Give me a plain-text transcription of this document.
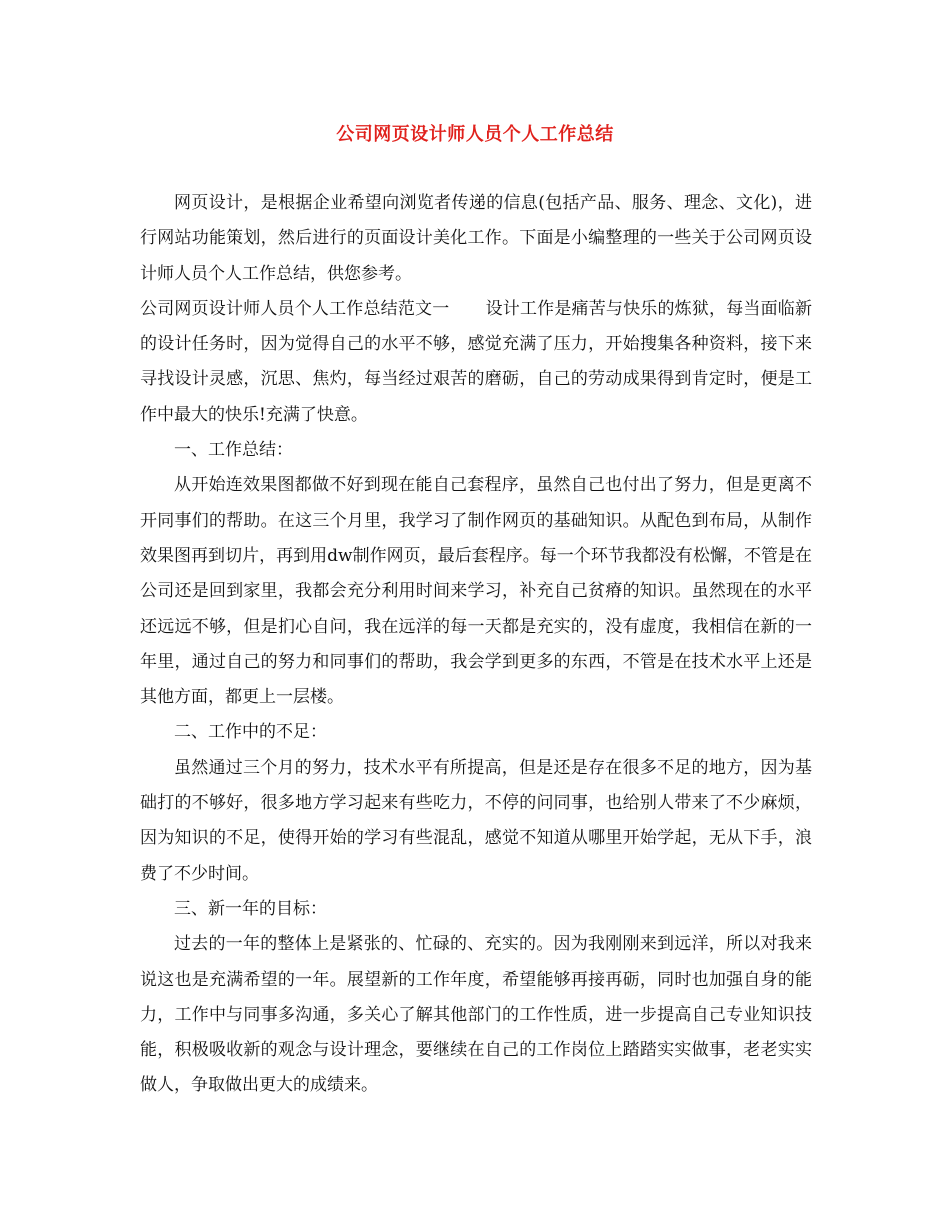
公司网页设计师人员个人工作总结

网页设计，是根据企业希望向浏览者传递的信息(包括产品、服务、理念、文化)，进行网站功能策划，然后进行的页面设计美化工作。下面是小编整理的一些关于公司网页设计师人员个人工作总结，供您参考。

公司网页设计师人员个人工作总结范文一 设计工作是痛苦与快乐的炼狱，每当面临新的设计任务时，因为觉得自己的水平不够，感觉充满了压力，开始搜集各种资料，接下来寻找设计灵感，沉思、焦灼，每当经过艰苦的磨砺，自己的劳动成果得到肯定时，便是工作中最大的快乐!充满了快意。

一、工作总结：

从开始连效果图都做不好到现在能自己套程序，虽然自己也付出了努力，但是更离不开同事们的帮助。在这三个月里，我学习了制作网页的基础知识。从配色到布局，从制作效果图再到切片，再到用dw制作网页，最后套程序。每一个环节我都没有松懈，不管是在公司还是回到家里，我都会充分利用时间来学习，补充自己贫瘠的知识。虽然现在的水平还远远不够，但是扪心自问，我在远洋的每一天都是充实的，没有虚度，我相信在新的一年里，通过自己的努力和同事们的帮助，我会学到更多的东西，不管是在技术水平上还是其他方面，都更上一层楼。

二、工作中的不足：

虽然通过三个月的努力，技术水平有所提高，但是还是存在很多不足的地方，因为基础打的不够好，很多地方学习起来有些吃力，不停的问同事，也给别人带来了不少麻烦，因为知识的不足，使得开始的学习有些混乱，感觉不知道从哪里开始学起，无从下手，浪费了不少时间。

三、新一年的目标：

过去的一年的整体上是紧张的、忙碌的、充实的。因为我刚刚来到远洋，所以对我来说这也是充满希望的一年。展望新的工作年度，希望能够再接再砺，同时也加强自身的能力，工作中与同事多沟通，多关心了解其他部门的工作性质，进一步提高自己专业知识技能，积极吸收新的观念与设计理念，要继续在自己的工作岗位上踏踏实实做事，老老实实做人，争取做出更大的成绩来。
